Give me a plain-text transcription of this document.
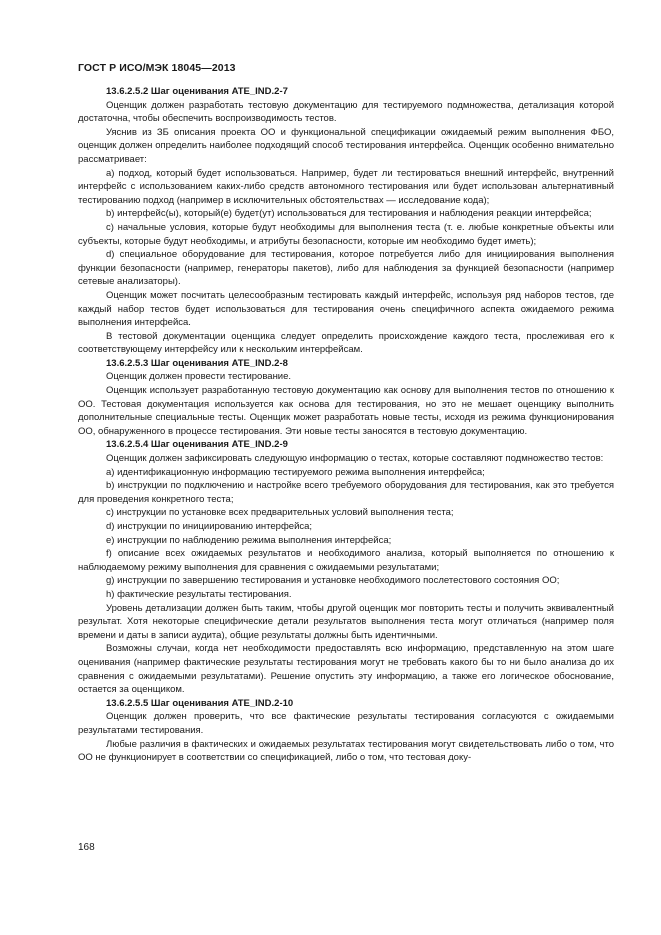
ГОСТ Р ИСО/МЭК 18045—2013

13.6.2.5.2 Шаг оценивания ATE_IND.2-7

Оценщик должен разработать тестовую документацию для тестируемого подмножества, детализация которой достаточна, чтобы обеспечить воспроизводимость тестов.

Уяснив из ЗБ описания проекта ОО и функциональной спецификации ожидаемый режим выполнения ФБО, оценщик должен определить наиболее подходящий способ тестирования интерфейса. Оценщик особенно внимательно рассматривает:

a) подход, который будет использоваться. Например, будет ли тестироваться внешний интерфейс, внутренний интерфейс с использованием каких-либо средств автономного тестирования или будет использован альтернативный тестированию подход (например в исключительных обстоятельствах — исследование кода);

b) интерфейс(ы), который(е) будет(ут) использоваться для тестирования и наблюдения реакции интерфейса;

c) начальные условия, которые будут необходимы для выполнения теста (т. е. любые конкретные объекты или субъекты, которые будут необходимы, и атрибуты безопасности, которые им необходимо будет иметь);

d) специальное оборудование для тестирования, которое потребуется либо для инициирования выполнения функции безопасности (например, генераторы пакетов), либо для наблюдения за функцией безопасности (например сетевые анализаторы).

Оценщик может посчитать целесообразным тестировать каждый интерфейс, используя ряд наборов тестов, где каждый набор тестов будет использоваться для тестирования очень специфичного аспекта ожидаемого режима выполнения интерфейса.

В тестовой документации оценщика следует определить происхождение каждого теста, прослеживая его к соответствующему интерфейсу или к нескольким интерфейсам.

13.6.2.5.3 Шаг оценивания ATE_IND.2-8

Оценщик должен провести тестирование.

Оценщик использует разработанную тестовую документацию как основу для выполнения тестов по отношению к ОО. Тестовая документация используется как основа для тестирования, но это не мешает оценщику выполнить дополнительные специальные тесты. Оценщик может разработать новые тесты, исходя из режима функционирования ОО, обнаруженного в процессе тестирования. Эти новые тесты заносятся в тестовую документацию.

13.6.2.5.4 Шаг оценивания ATE_IND.2-9

Оценщик должен зафиксировать следующую информацию о тестах, которые составляют подмножество тестов:

a) идентификационную информацию тестируемого режима выполнения интерфейса;

b) инструкции по подключению и настройке всего требуемого оборудования для тестирования, как это требуется для проведения конкретного теста;

c) инструкции по установке всех предварительных условий выполнения теста;

d) инструкции по инициированию интерфейса;

e) инструкции по наблюдению режима выполнения интерфейса;

f) описание всех ожидаемых результатов и необходимого анализа, который выполняется по отношению к наблюдаемому режиму выполнения для сравнения с ожидаемыми результатами;

g) инструкции по завершению тестирования и установке необходимого послетестового состояния ОО;

h) фактические результаты тестирования.

Уровень детализации должен быть таким, чтобы другой оценщик мог повторить тесты и получить эквивалентный результат. Хотя некоторые специфические детали результатов выполнения теста могут отличаться (например поля времени и даты в записи аудита), общие результаты должны быть идентичными.

Возможны случаи, когда нет необходимости предоставлять всю информацию, представленную на этом шаге оценивания (например фактические результаты тестирования могут не требовать какого бы то ни было анализа до их сравнения с ожидаемыми результатами). Решение опустить эту информацию, а также его логическое обоснование, остается за оценщиком.

13.6.2.5.5 Шаг оценивания ATE_IND.2-10

Оценщик должен проверить, что все фактические результаты тестирования согласуются с ожидаемыми результатами тестирования.

Любые различия в фактических и ожидаемых результатах тестирования могут свидетельствовать либо о том, что ОО не функционирует в соответствии со спецификацией, либо о том, что тестовая доку-

168
